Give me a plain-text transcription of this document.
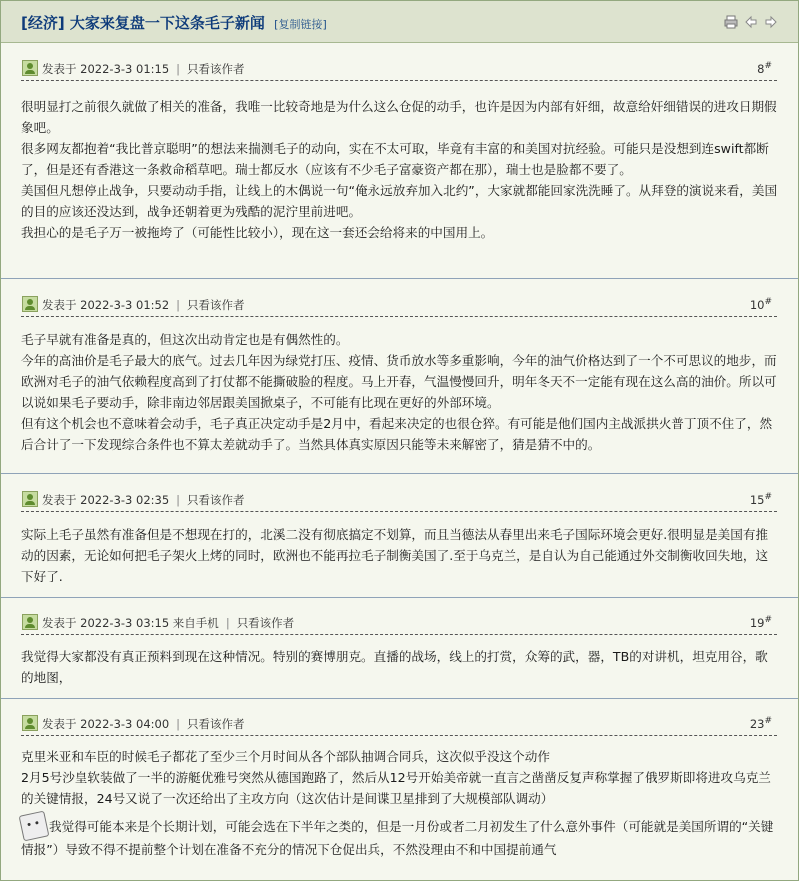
[经济] 大家来复盘一下这条毛子新闻 [复制链接]
发表于 2022-3-3 01:15 | 只看该作者	8#

很明显打之前很久就做了相关的准备，我唯一比较奇地是为什么这么仓促的动手，也许是因为内部有奸细，故意给奸细错误的进攻日期假象吧。

很多网友都抱着“我比普京聪明”的想法来揣测毛子的动向，实在不太可取，毕竟有丰富的和美国对抗经验。可能只是没想到连swift都断了，但是还有香港这一条救命稻草吧。瑞士都反水（应该有不少毛子富豪资产都在那），瑞士也是脸都不要了。

美国但凡想停止战争，只要动动手指，让线上的木偶说一句“俺永远放弃加入北约”，大家就都能回家洗洗睡了。从拜登的演说来看，美国的目的应该还没达到，战争还朝着更为残酷的泥泞里前进吧。

我担心的是毛子万一被拖垮了（可能性比较小），现在这一套还会给将来的中国用上。

发表于 2022-3-3 01:52 | 只看该作者	10#

毛子早就有准备是真的，但这次出动肯定也是有偶然性的。

今年的高油价是毛子最大的底气。过去几年因为绿党打压、疫情、货币放水等多重影响，今年的油气价格达到了一个不可思议的地步，而欧洲对毛子的油气依赖程度高到了打仗都不能撕破脸的程度。马上开春，气温慢慢回升，明年冬天不一定能有现在这么高的油价。所以可以说如果毛子要动手，除非南边邻居跟美国掀桌子，不可能有比现在更好的外部环境。

但有这个机会也不意味着会动手，毛子真正决定动手是2月中，看起来决定的也很仓猝。有可能是他们国内主战派拱火普丁顶不住了，然后合计了一下发现综合条件也不算太差就动手了。当然具体真实原因只能等未来解密了，猜是猜不中的。

发表于 2022-3-3 02:35 | 只看该作者	15#

实际上毛子虽然有准备但是不想现在打的，北溪二没有彻底搞定不划算，而且当德法从春里出来毛子国际环境会更好.很明显是美国有推动的因素，无论如何把毛子架火上烤的同时，欧洲也不能再拉毛子制衡美国了.至于乌克兰，是自认为自己能通过外交制衡收回失地，这下好了.

发表于 2022-3-3 03:15 来自手机 | 只看该作者	19#

我觉得大家都没有真正预料到现在这种情况。特别的赛博朋克。直播的战场，线上的打赏，众筹的武，器，TB的对讲机，坦克用谷，歌的地图，

发表于 2022-3-3 04:00 | 只看该作者	23#

克里米亚和车臣的时候毛子都花了至少三个月时间从各个部队抽调合同兵，这次似乎没这个动作

2月5号沙皇软装做了一半的游艇优雅号突然从德国跑路了，然后从12号开始美帝就一直言之凿凿反复声称掌握了俄罗斯即将进攻乌克兰的关键情报，24号又说了一次还给出了主攻方向（这次估计是间谍卫星排到了大规模部队调动）

我觉得可能本来是个长期计划，可能会选在下半年之类的，但是一月份或者二月初发生了什么意外事件（可能就是美国所谓的“关键情报”）导致不得不提前整个计划在准备不充分的情况下仓促出兵，不然没理由不和中国提前通气
